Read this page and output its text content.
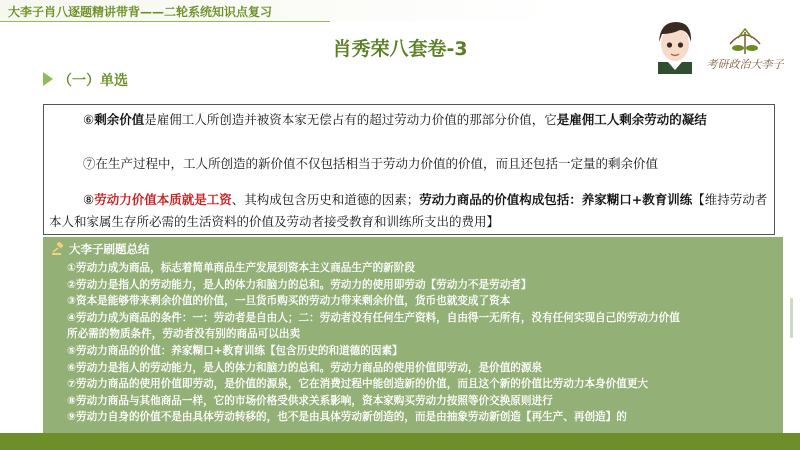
大李子肖八逐题精讲带背——二轮系统知识点复习
肖秀荣八套卷-3
考研政治大李子
（一）单选
⑥剩余价值是雇佣工人所创造并被资本家无偿占有的超过劳动力价值的那部分价值，它是雇佣工人剩余劳动的凝结
⑦在生产过程中，工人所创造的新价值不仅包括相当于劳动力价值的价值，而且还包括一定量的剩余价值
⑧劳动力价值本质就是工资、其构成包含历史和道德的因素；劳动力商品的价值构成包括：养家糊口+教育训练【维持劳动者本人和家属生存所必需的生活资料的价值及劳动者接受教育和训练所支出的费用】
大李子刷题总结
①劳动力成为商品，标志着简单商品生产发展到资本主义商品生产的新阶段
②劳动力是指人的劳动能力，是人的体力和脑力的总和。劳动力的使用即劳动【劳动力不是劳动者】
③资本是能够带来剩余价值的价值，一旦货币购买的劳动力带来剩余价值，货币也就变成了资本
④劳动力成为商品的条件：一：劳动者是自由人；二：劳动者没有任何生产资料，自由得一无所有，没有任何实现自己的劳动力价值
所必需的物质条件，劳动者没有别的商品可以出卖
⑤劳动力商品的价值：养家糊口+教育训练【包含历史的和道德的因素】
⑥劳动力是指人的劳动能力，是人的体力和脑力的总和。劳动力商品的使用价值即劳动，是价值的源泉
⑦劳动力商品的使用价值即劳动，是价值的源泉，它在消费过程中能创造新的价值，而且这个新的价值比劳动力本身价值更大
⑧劳动力商品与其他商品一样，它的市场价格受供求关系影响，资本家购买劳动力按照等价交换原则进行
⑨劳动力自身的价值不是由具体劳动转移的，也不是由具体劳动新创造的，而是由抽象劳动新创造【再生产、再创造】的
